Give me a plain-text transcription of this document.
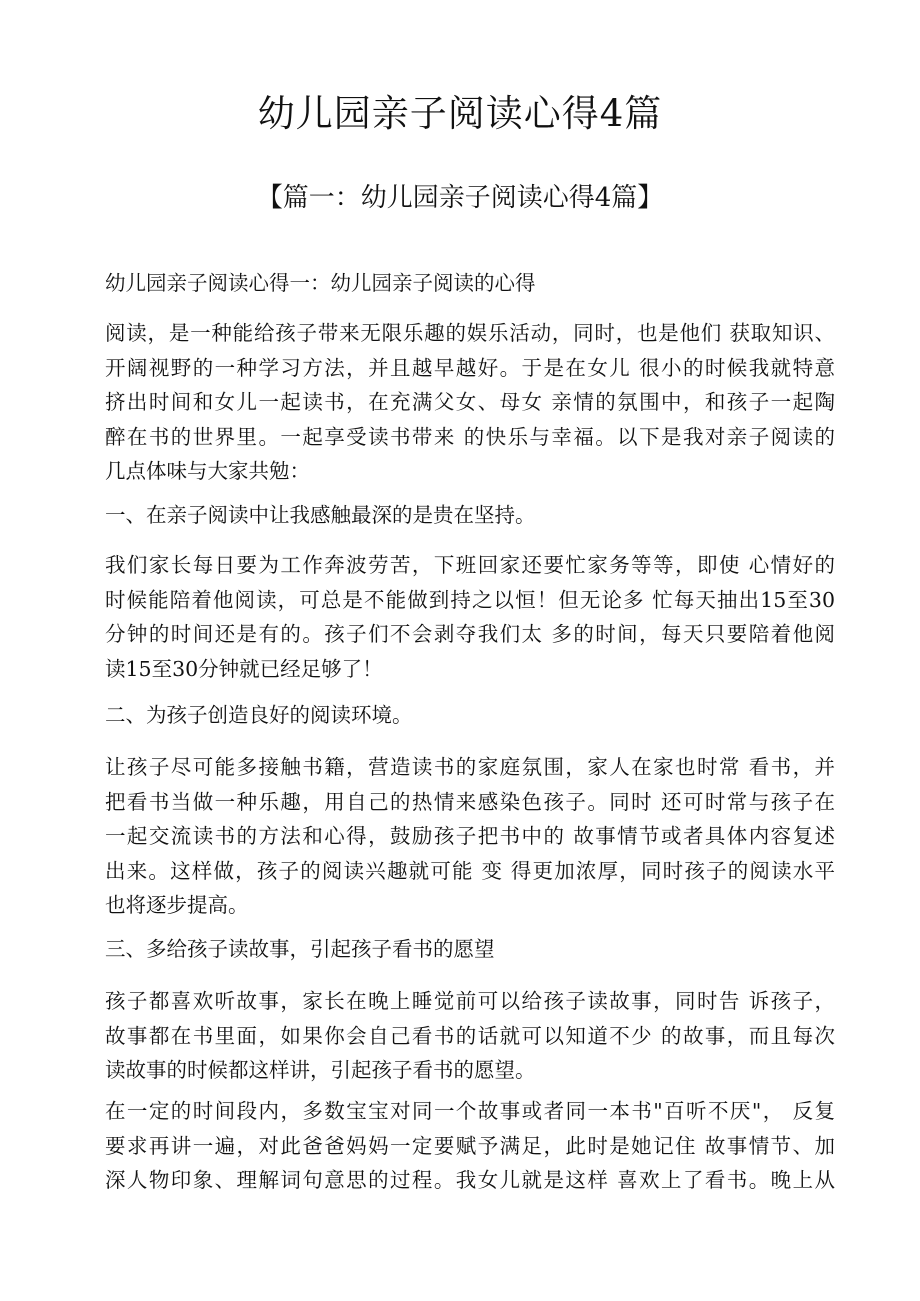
幼儿园亲子阅读心得4篇
【篇一：幼儿园亲子阅读心得4篇】
幼儿园亲子阅读心得一：幼儿园亲子阅读的心得
阅读，是一种能给孩子带来无限乐趣的娱乐活动，同时，也是他们 获取知识、
开阔视野的一种学习方法，并且越早越好。于是在女儿 很小的时候我就特意
挤出时间和女儿一起读书，在充满父女、母女 亲情的氛围中，和孩子一起陶
醉在书的世界里。一起享受读书带来 的快乐与幸福。以下是我对亲子阅读的
几点体味与大家共勉：
一、在亲子阅读中让我感触最深的是贵在坚持。
我们家长每日要为工作奔波劳苦，下班回家还要忙家务等等，即使 心情好的
时候能陪着他阅读，可总是不能做到持之以恒！但无论多 忙每天抽出15至30
分钟的时间还是有的。孩子们不会剥夺我们太 多的时间，每天只要陪着他阅
读15至30分钟就已经足够了！
二、为孩子创造良好的阅读环境。
让孩子尽可能多接触书籍，营造读书的家庭氛围，家人在家也时常 看书，并
把看书当做一种乐趣，用自己的热情来感染色孩子。同时 还可时常与孩子在
一起交流读书的方法和心得，鼓励孩子把书中的 故事情节或者具体内容复述
出来。这样做，孩子的阅读兴趣就可能 变 得更加浓厚，同时孩子的阅读水平
也将逐步提高。
三、多给孩子读故事，引起孩子看书的愿望
孩子都喜欢听故事，家长在晚上睡觉前可以给孩子读故事，同时告 诉孩子，
故事都在书里面，如果你会自己看书的话就可以知道不少 的故事，而且每次
读故事的时候都这样讲，引起孩子看书的愿望。
在一定的时间段内，多数宝宝对同一个故事或者同一本书"百听不厌"， 反复
要求再讲一遍，对此爸爸妈妈一定要赋予满足，此时是她记住 故事情节、加
深人物印象、理解词句意思的过程。我女儿就是这样 喜欢上了看书。晚上从
